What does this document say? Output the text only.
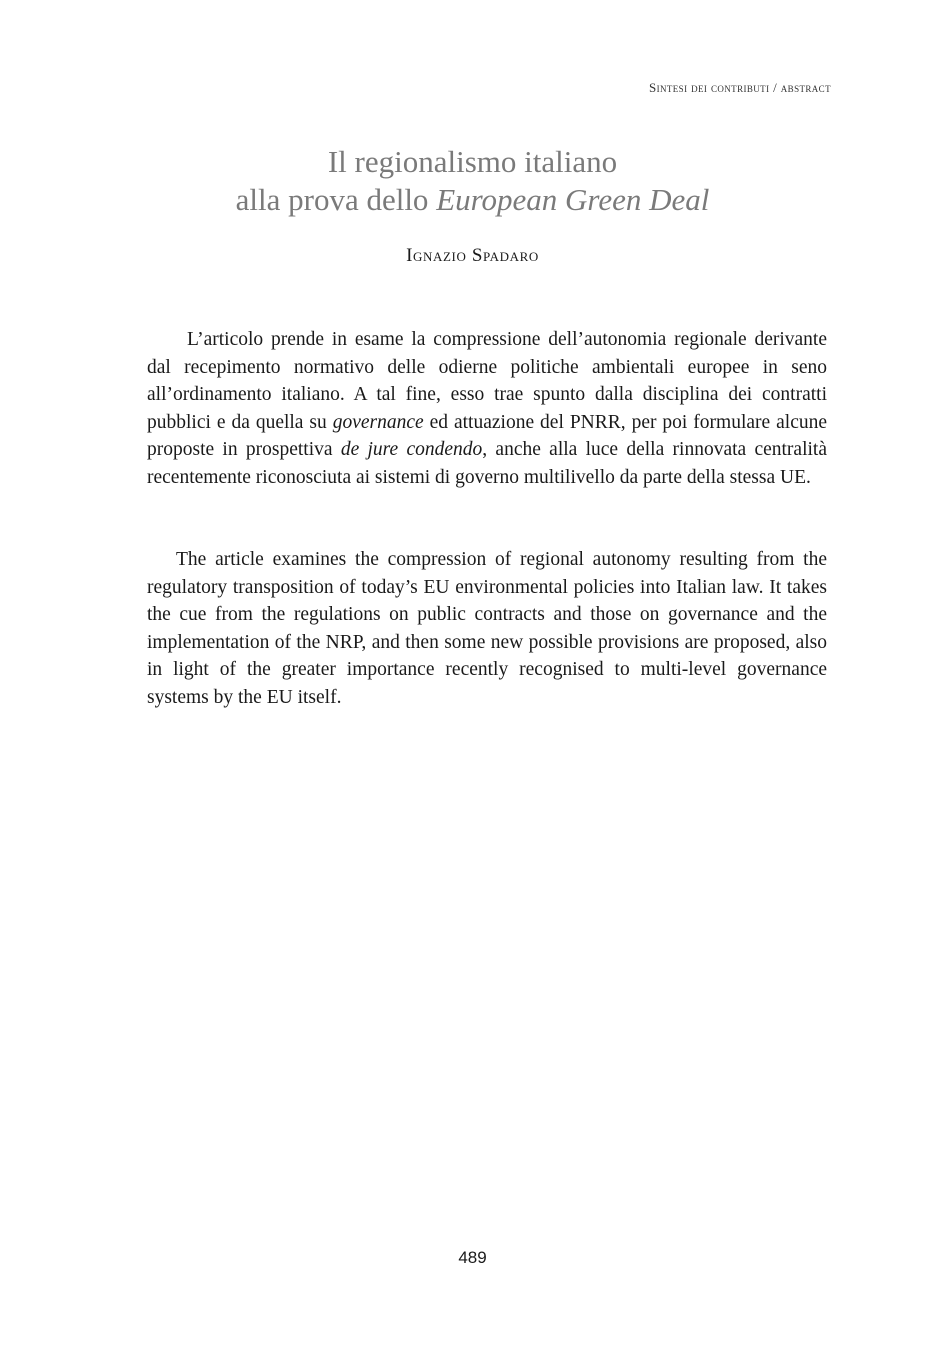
Sintesi dei contributi / abstract
Il regionalismo italiano
alla prova dello European Green Deal
Ignazio Spadaro

L’articolo prende in esame la compressione dell’autonomia regionale derivante dal recepimento normativo delle odierne politiche ambientali europee in seno all’ordinamento italiano. A tal fine, esso trae spunto dalla disciplina dei contratti pubblici e da quella su governance ed attuazione del PNRR, per poi formulare alcune proposte in prospettiva de jure condendo, anche alla luce della rinnovata centralità recentemente riconosciuta ai sistemi di governo multilivello da parte della stessa UE.

The article examines the compression of regional autonomy resulting from the regulatory transposition of today’s EU environmental policies into Italian law. It takes the cue from the regulations on public contracts and those on governance and the implementation of the NRP, and then some new possible provisions are proposed, also in light of the greater importance recently recognised to multi-level governance systems by the EU itself.

489
